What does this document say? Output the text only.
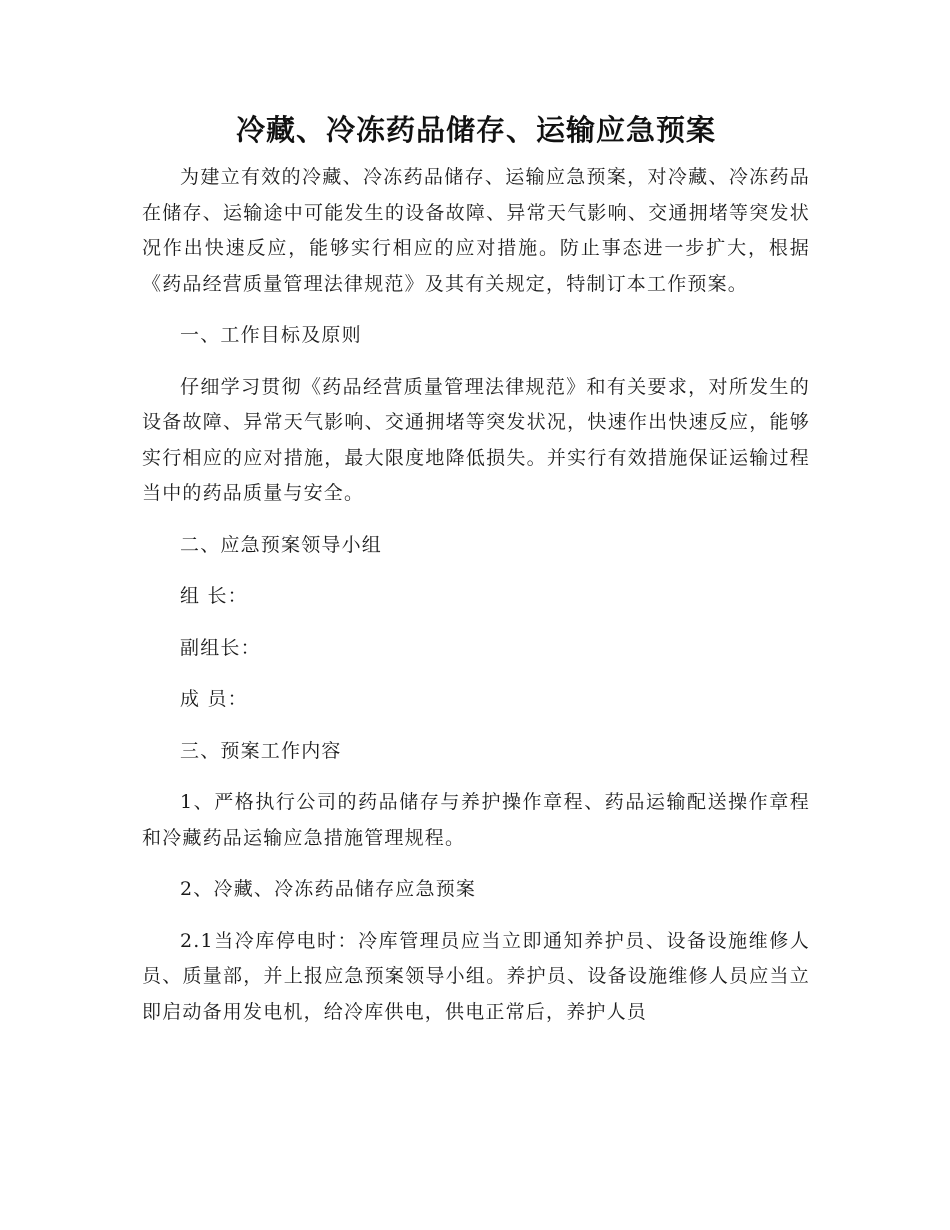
冷藏、冷冻药品储存、运输应急预案

为建立有效的冷藏、冷冻药品储存、运输应急预案，对冷藏、冷冻药品在储存、运输途中可能发生的设备故障、异常天气影响、交通拥堵等突发状况作出快速反应，能够实行相应的应对措施。防止事态进一步扩大，根据《药品经营质量管理法律规范》及其有关规定，特制订本工作预案。

一、工作目标及原则

仔细学习贯彻《药品经营质量管理法律规范》和有关要求，对所发生的设备故障、异常天气影响、交通拥堵等突发状况，快速作出快速反应，能够实行相应的应对措施，最大限度地降低损失。并实行有效措施保证运输过程当中的药品质量与安全。

二、应急预案领导小组

组 长：

副组长：

成 员：

三、预案工作内容

1、严格执行公司的药品储存与养护操作章程、药品运输配送操作章程和冷藏药品运输应急措施管理规程。

2、冷藏、冷冻药品储存应急预案

2.1当冷库停电时：冷库管理员应当立即通知养护员、设备设施维修人员、质量部，并上报应急预案领导小组。养护员、设备设施维修人员应当立即启动备用发电机，给冷库供电，供电正常后，养护人员
